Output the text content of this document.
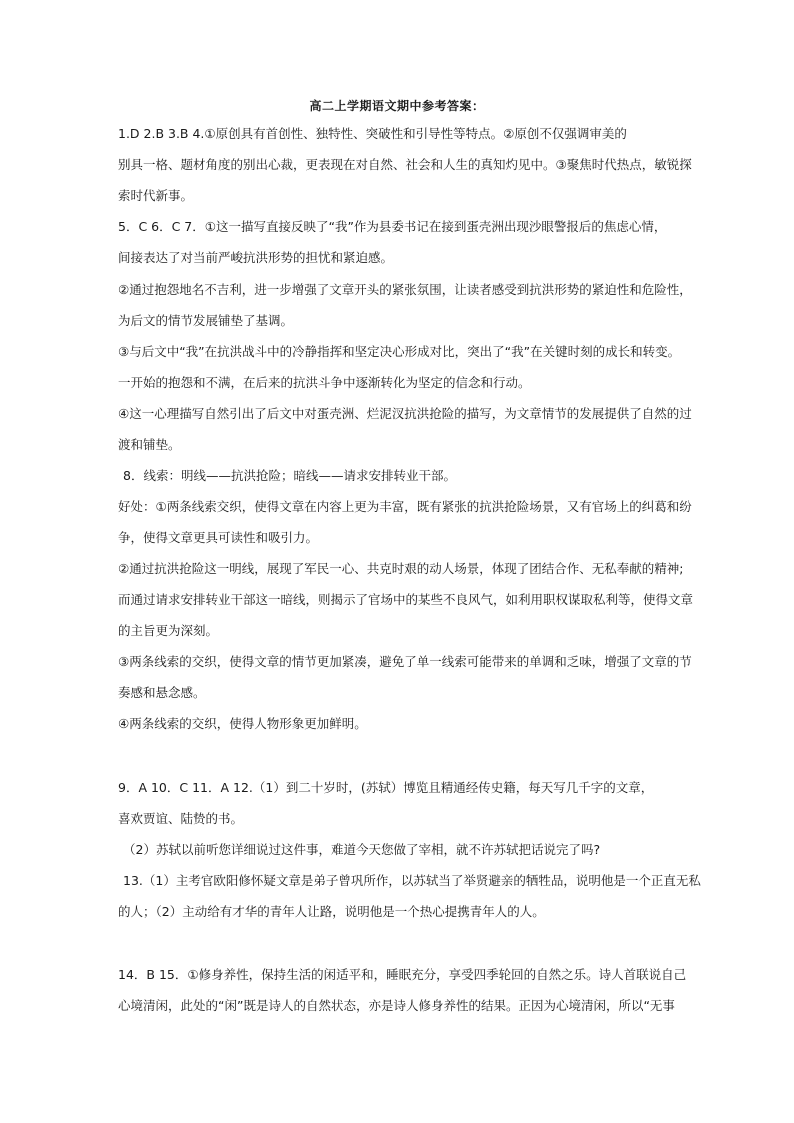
高二上学期语文期中参考答案：
1.D 2.B 3.B 4.①原创具有首创性、独特性、突破性和引导性等特点。②原创不仅强调审美的
别具一格、题材角度的别出心裁，更表现在对自然、社会和人生的真知灼见中。③聚焦时代热点，敏锐探
索时代新事。
5．C 6．C 7．①这一描写直接反映了“我”作为县委书记在接到蛋壳洲出现沙眼警报后的焦虑心情，
间接表达了对当前严峻抗洪形势的担忧和紧迫感。
②通过抱怨地名不吉利，进一步增强了文章开头的紧张氛围，让读者感受到抗洪形势的紧迫性和危险性，
为后文的情节发展铺垫了基调。
③与后文中“我”在抗洪战斗中的冷静指挥和坚定决心形成对比，突出了“我”在关键时刻的成长和转变。
一开始的抱怨和不满，在后来的抗洪斗争中逐渐转化为坚定的信念和行动。
④这一心理描写自然引出了后文中对蛋壳洲、烂泥汊抗洪抢险的描写，为文章情节的发展提供了自然的过
渡和铺垫。
8．线索：明线——抗洪抢险；暗线——请求安排转业干部。
好处：①两条线索交织，使得文章在内容上更为丰富，既有紧张的抗洪抢险场景，又有官场上的纠葛和纷
争，使得文章更具可读性和吸引力。
②通过抗洪抢险这一明线，展现了军民一心、共克时艰的动人场景，体现了团结合作、无私奉献的精神;
而通过请求安排转业干部这一暗线，则揭示了官场中的某些不良风气，如利用职权谋取私利等，使得文章
的主旨更为深刻。
③两条线索的交织，使得文章的情节更加紧凑，避免了单一线索可能带来的单调和乏味，增强了文章的节
奏感和悬念感。
④两条线索的交织，使得人物形象更加鲜明。
9．A 10．C 11．A 12.（1）到二十岁时，(苏轼）博览且精通经传史籍，每天写几千字的文章，
喜欢贾谊、陆贽的书。
（2）苏轼以前听您详细说过这件事，难道今天您做了宰相，就不许苏轼把话说完了吗?
13.（1）主考官欧阳修怀疑文章是弟子曾巩所作，以苏轼当了举贤避亲的牺牲品，说明他是一个正直无私
的人；（2）主动给有才华的青年人让路，说明他是一个热心提携青年人的人。
14．B 15．①修身养性，保持生活的闲适平和，睡眠充分，享受四季轮回的自然之乐。诗人首联说自己
心境清闲，此处的“闲”既是诗人的自然状态，亦是诗人修身养性的结果。正因为心境清闲，所以“无事
